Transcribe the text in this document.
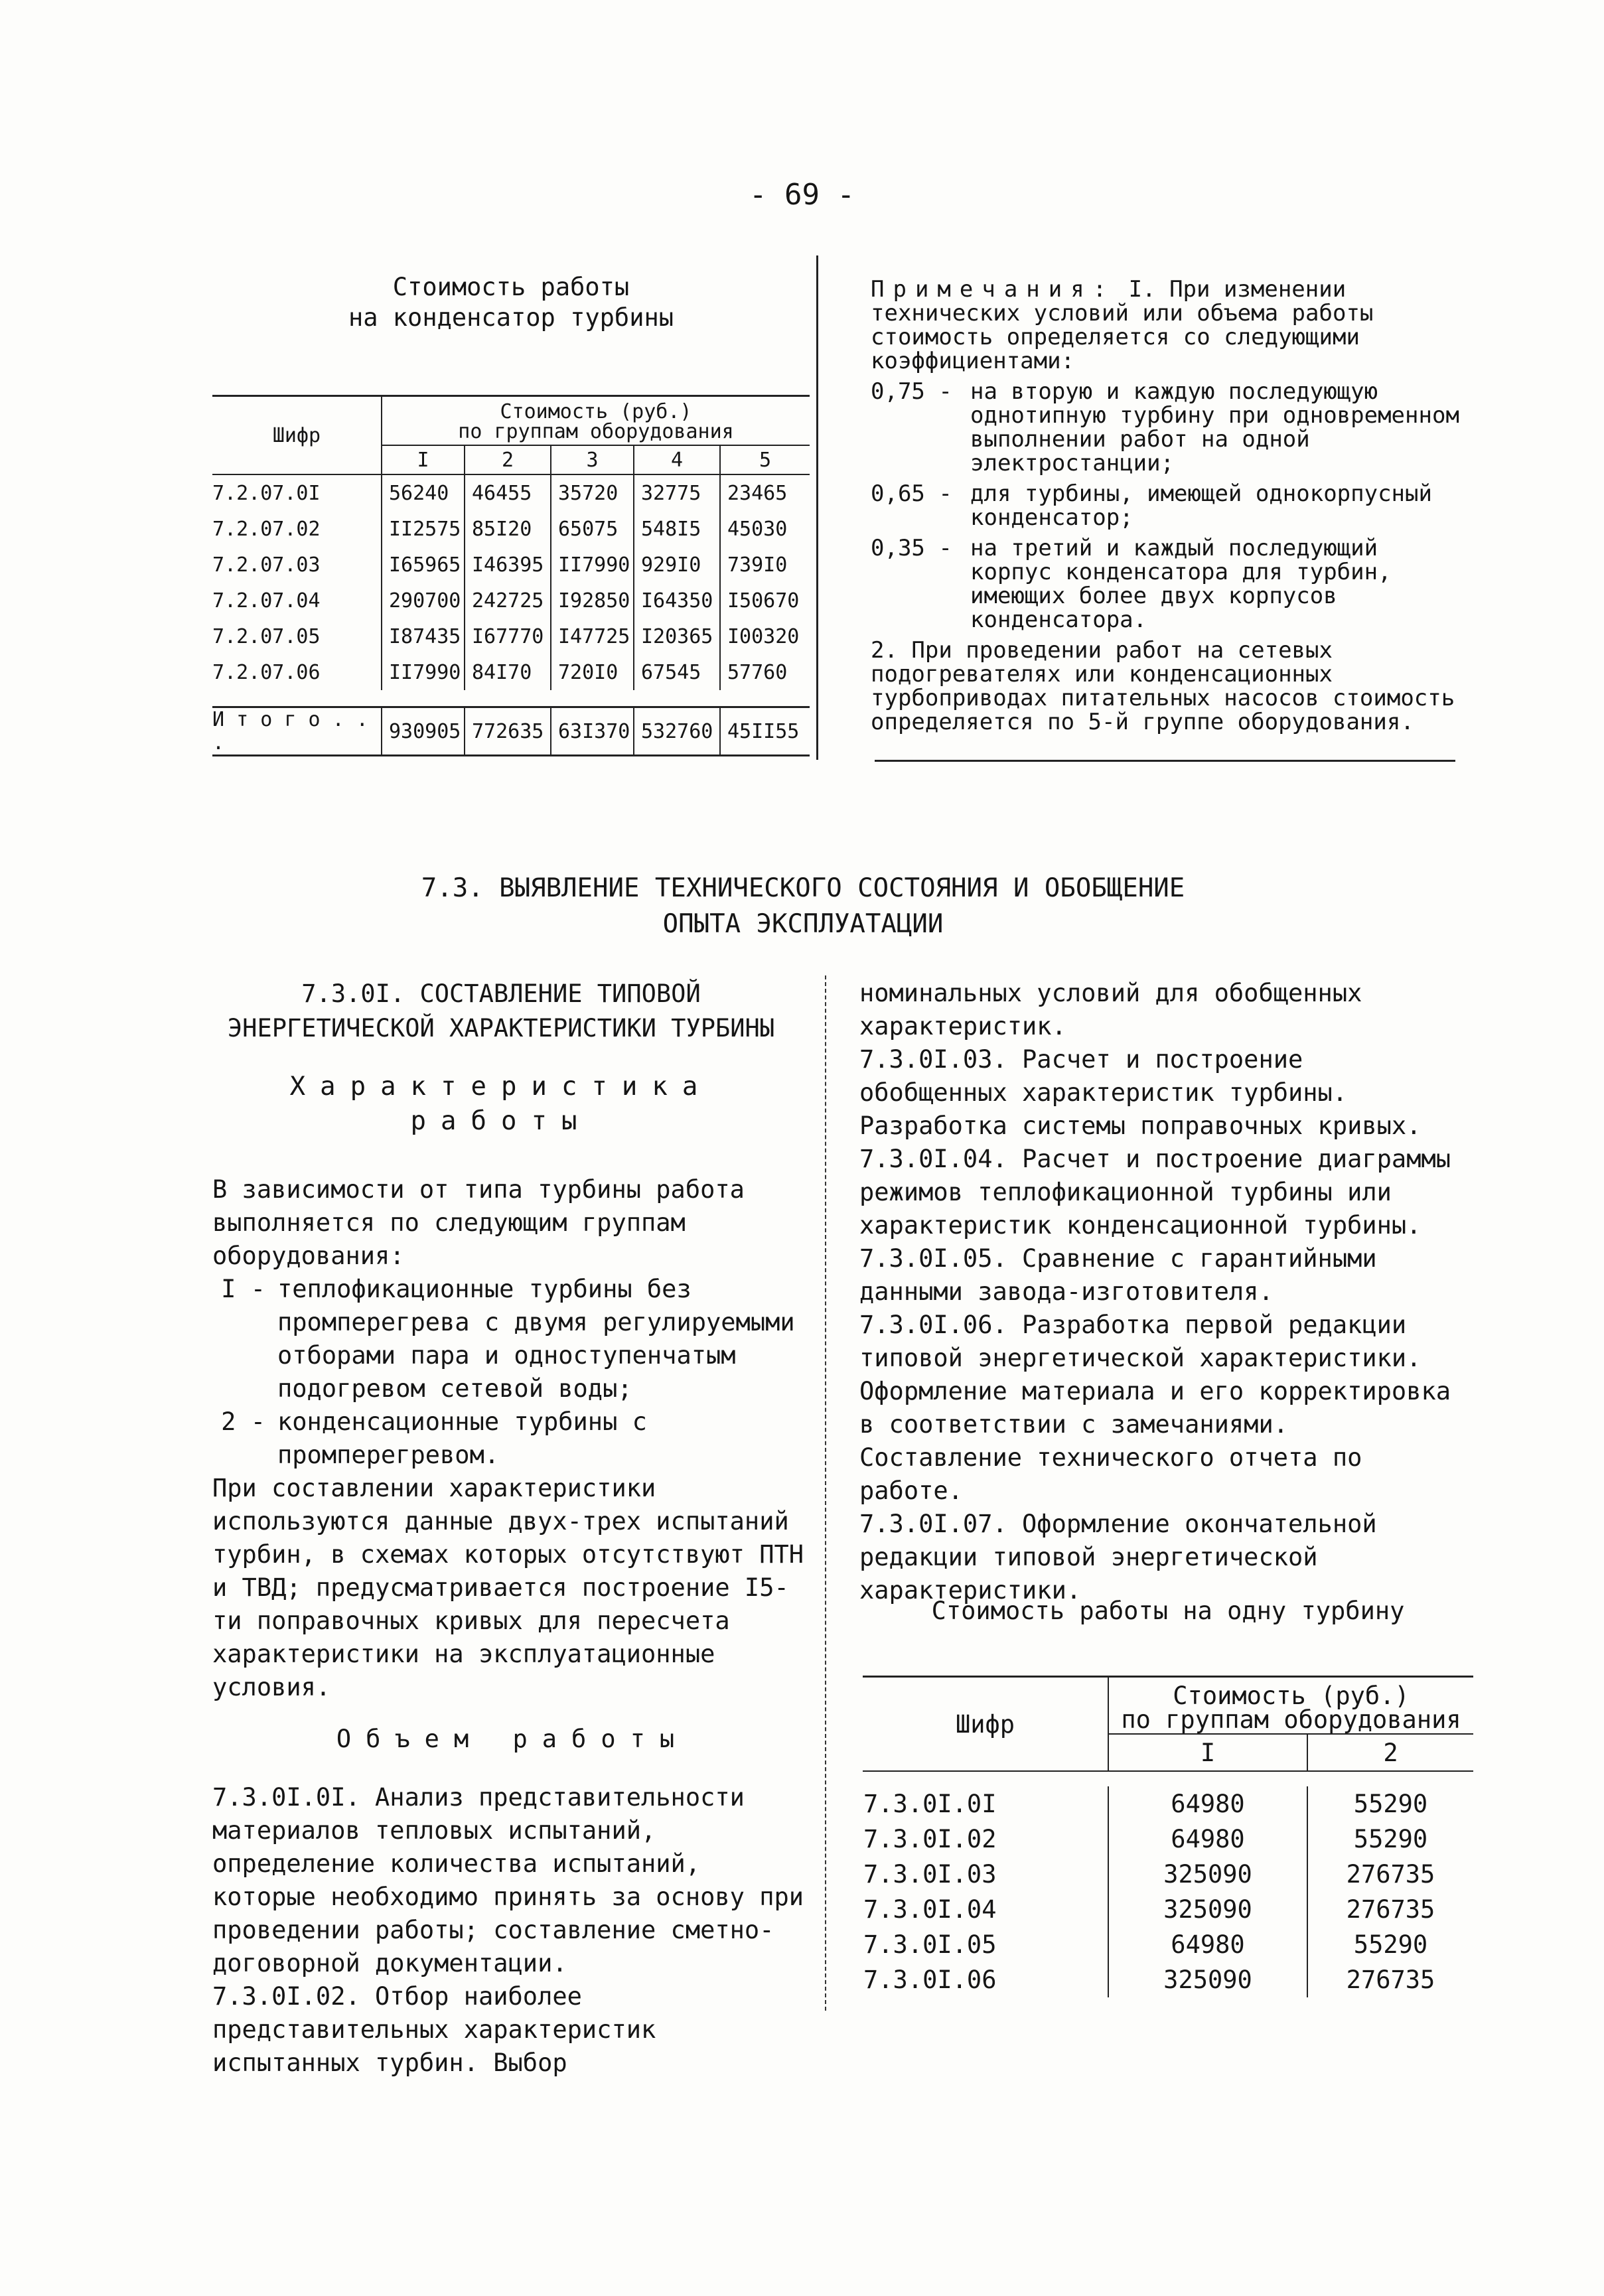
- 69 -
Стоимость работы
на конденсатор турбины
Шифр	Стоимость (руб.)
по группам оборудования				

	I	2	3	4	5
7.2.07.0I	56240	46455	35720	32775	23465
7.2.07.02	II2575	85I20	65075	548I5	45030
7.2.07.03	I65965	I46395	II7990	929I0	739I0
7.2.07.04	290700	242725	I92850	I64350	I50670
7.2.07.05	I87435	I67770	I47725	I20365	I00320
7.2.07.06	II7990	84I70	720I0	67545	57760

И т о г о . . .	930905	772635	63I370	532760	45II55

Примечания: I. При изменении технических условий или объема работы стоимость определяется со следующими коэффициентами:

0,75 - на вторую и каждую последующую однотипную турбину при одновременном выполнении работ на одной электростанции;
0,65 - для турбины, имеющей однокорпусный конденсатор;
0,35 - на третий и каждый последующий корпус конденсатора для турбин, имеющих более двух корпусов конденсатора.

2. При проведении работ на сетевых подогревателях или конденсационных турбоприводах питательных насосов стоимость определяется по 5-й группе оборудования.

7.3. ВЫЯВЛЕНИЕ ТЕХНИЧЕСКОГО СОСТОЯНИЯ И ОБОБЩЕНИЕ
ОПЫТА ЭКСПЛУАТАЦИИ
7.3.0I. СОСТАВЛЕНИЕ ТИПОВОЙ
ЭНЕРГЕТИЧЕСКОЙ ХАРАКТЕРИСТИКИ ТУРБИНЫ
Характеристика
работы

В зависимости от типа турбины работа выполняется по следующим группам оборудования:

I - теплофикационные турбины без промперегрева с двумя регулируемыми отборами пара и одноступенчатым подогревом сетевой воды;
2 - конденсационные турбины с промперегревом.

При составлении характеристики используются данные двух-трех испытаний турбин, в схемах которых отсутствуют ПТН и ТВД; предусматривается построение I5-ти поправочных кривых для пересчета характеристики на эксплуатационные условия.

Объем работы

7.3.0I.0I. Анализ представительности материалов тепловых испытаний, определение количества испытаний, которые необходимо принять за основу при проведении работы; составление сметно-договорной документации.

7.3.0I.02. Отбор наиболее представительных характеристик испытанных турбин. Выбор

номинальных условий для обобщенных характеристик.

7.3.0I.03. Расчет и построение обобщенных характеристик турбины. Разработка системы поправочных кривых.

7.3.0I.04. Расчет и построение диаграммы режимов теплофикационной турбины или характеристик конденсационной турбины.

7.3.0I.05. Сравнение с гарантийными данными завода-изготовителя.

7.3.0I.06. Разработка первой редакции типовой энергетической характеристики. Оформление материала и его корректировка в соответствии с замечаниями. Составление технического отчета по работе.

7.3.0I.07. Оформление окончательной редакции типовой энергетической характеристики.

Стоимость работы на одну турбину
Шифр	Стоимость (руб.)
по группам оборудования	

	I	2

7.3.0I.0I	64980	55290
7.3.0I.02	64980	55290
7.3.0I.03	325090	276735
7.3.0I.04	325090	276735
7.3.0I.05	64980	55290
7.3.0I.06	325090	276735
